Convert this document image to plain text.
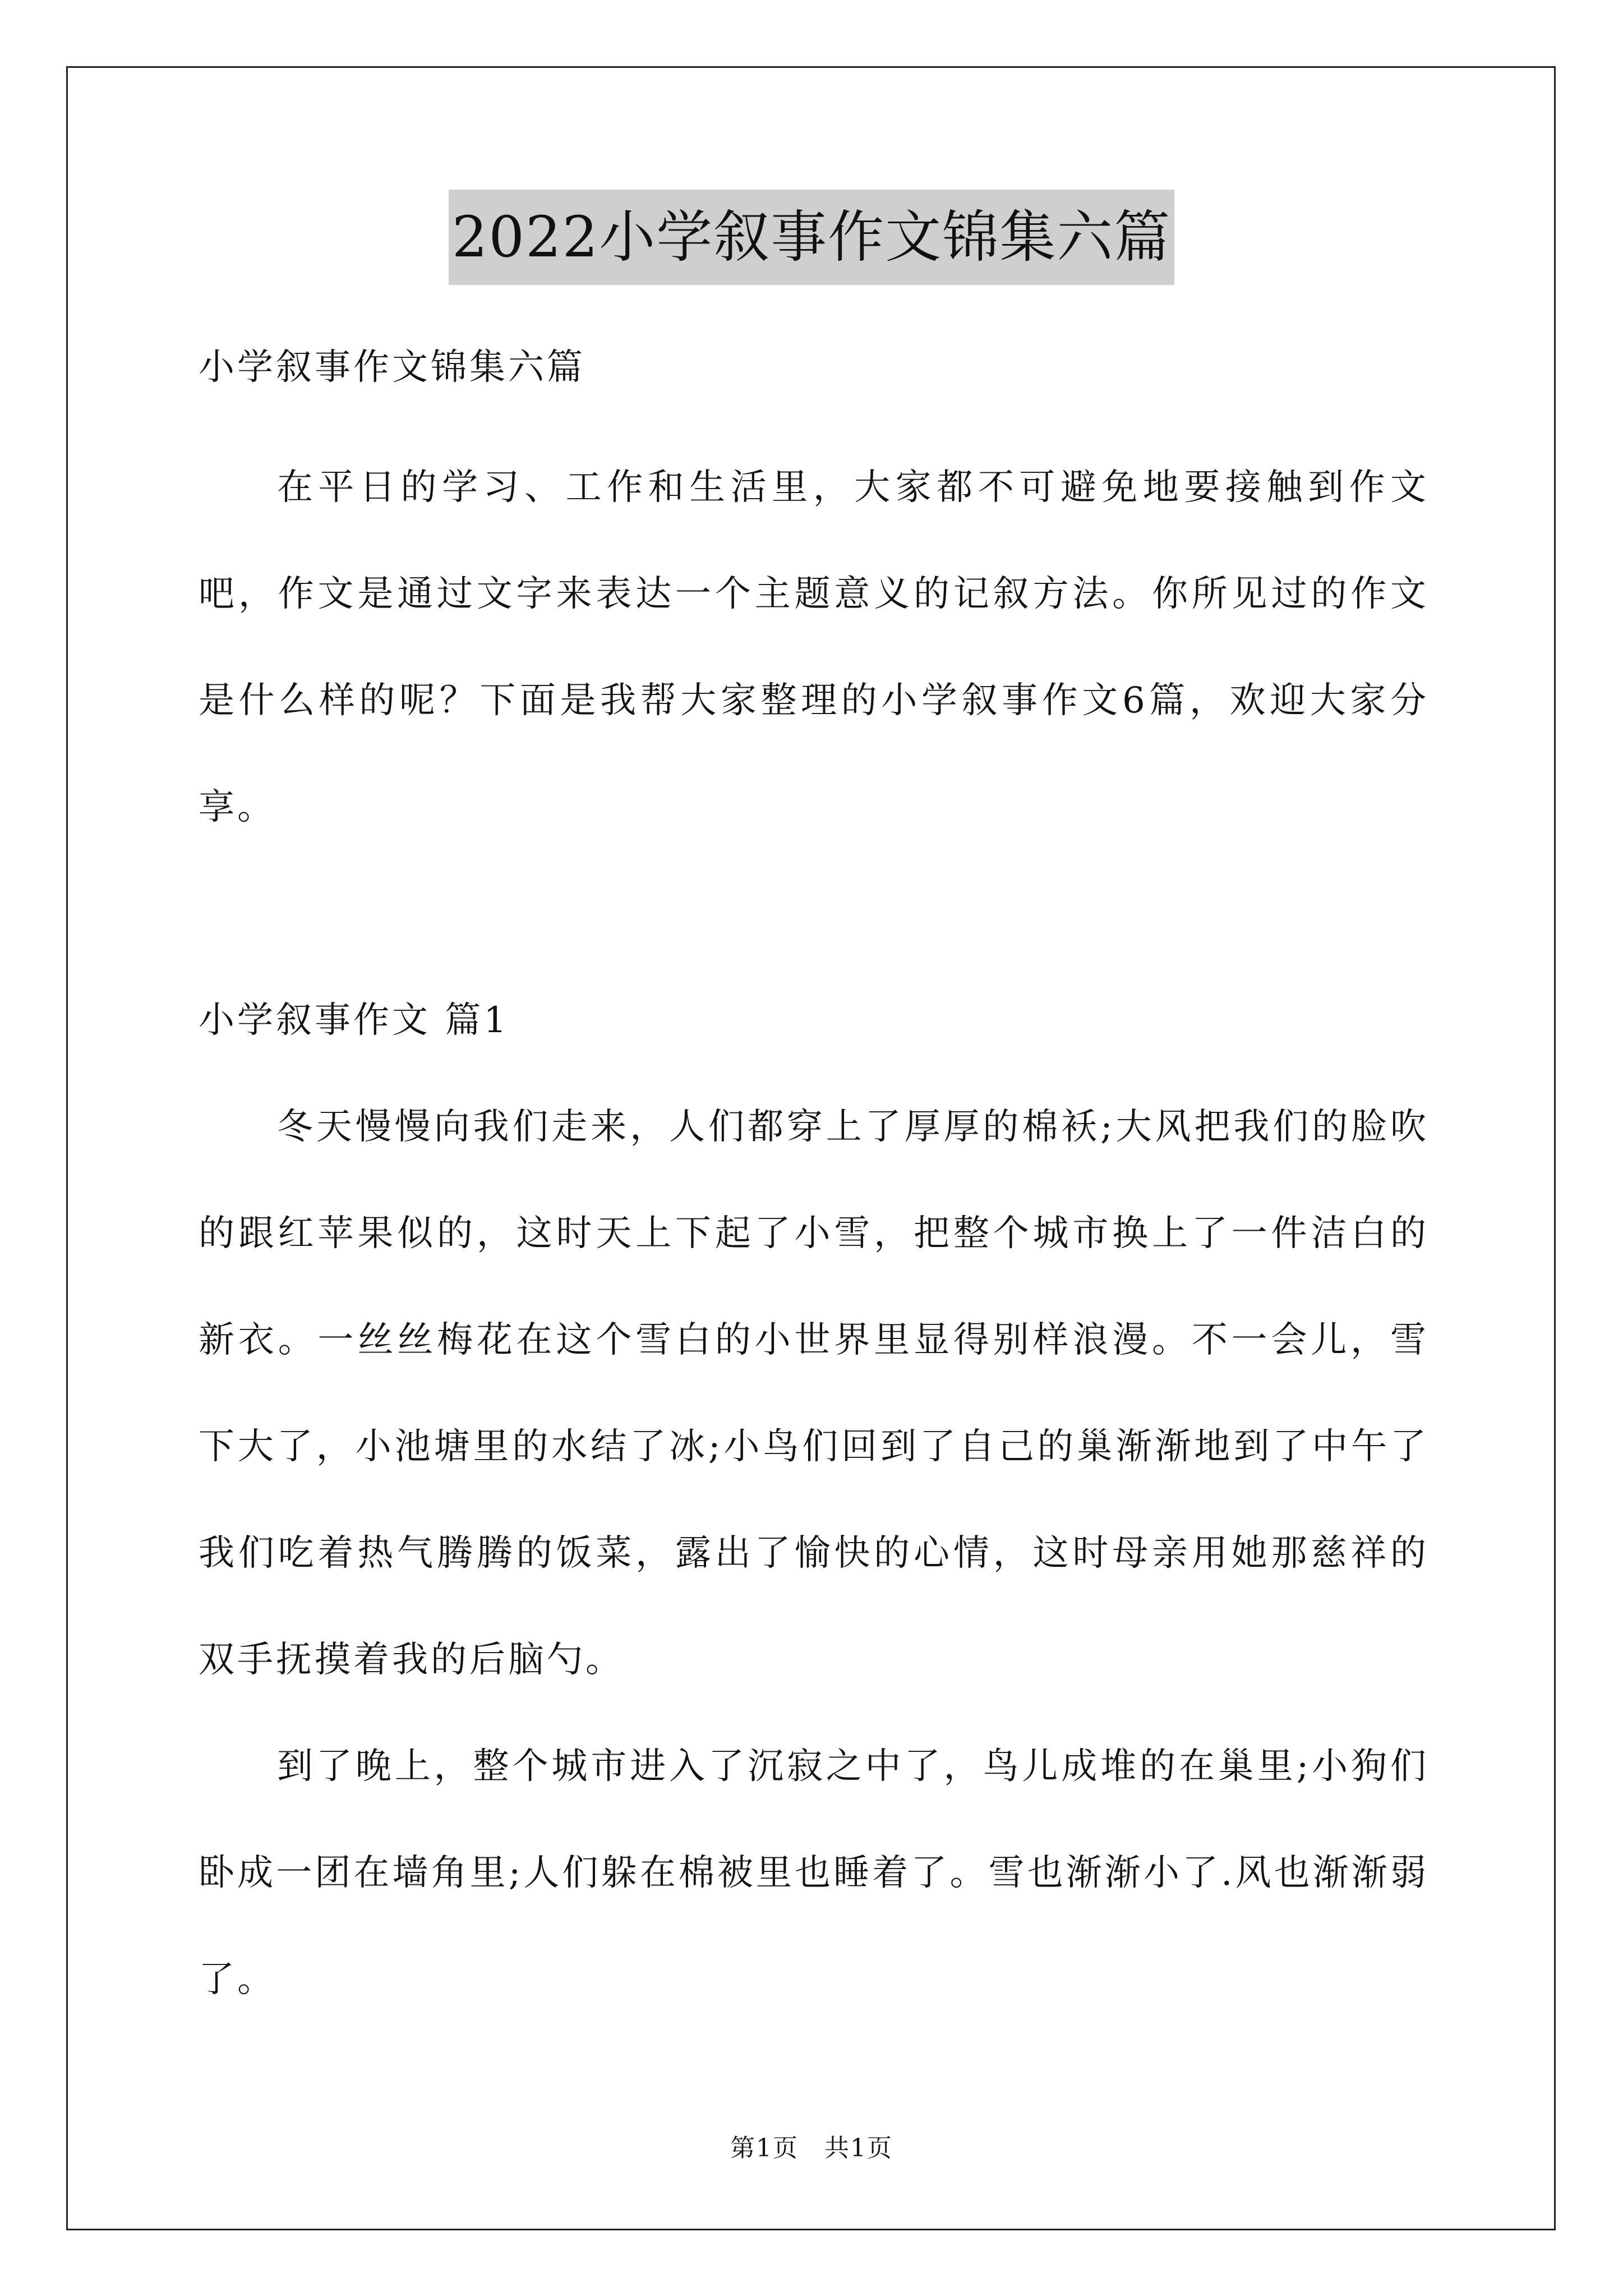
2022小学叙事作文锦集六篇

小学叙事作文锦集六篇

在平日的学习、工作和生活里，大家都不可避免地要接触到作文吧，作文是通过文字来表达一个主题意义的记叙方法。你所见过的作文是什么样的呢？下面是我帮大家整理的小学叙事作文6篇，欢迎大家分享。

小学叙事作文 篇1

冬天慢慢向我们走来，人们都穿上了厚厚的棉袄;大风把我们的脸吹的跟红苹果似的，这时天上下起了小雪，把整个城市换上了一件洁白的新衣。一丝丝梅花在这个雪白的小世界里显得别样浪漫。不一会儿，雪下大了，小池塘里的水结了冰;小鸟们回到了自己的巢渐渐地到了中午了我们吃着热气腾腾的饭菜，露出了愉快的心情，这时母亲用她那慈祥的双手抚摸着我的后脑勺。

到了晚上，整个城市进入了沉寂之中了，鸟儿成堆的在巢里;小狗们卧成一团在墙角里;人们躲在棉被里也睡着了。雪也渐渐小了.风也渐渐弱了。

第1页　共1页
